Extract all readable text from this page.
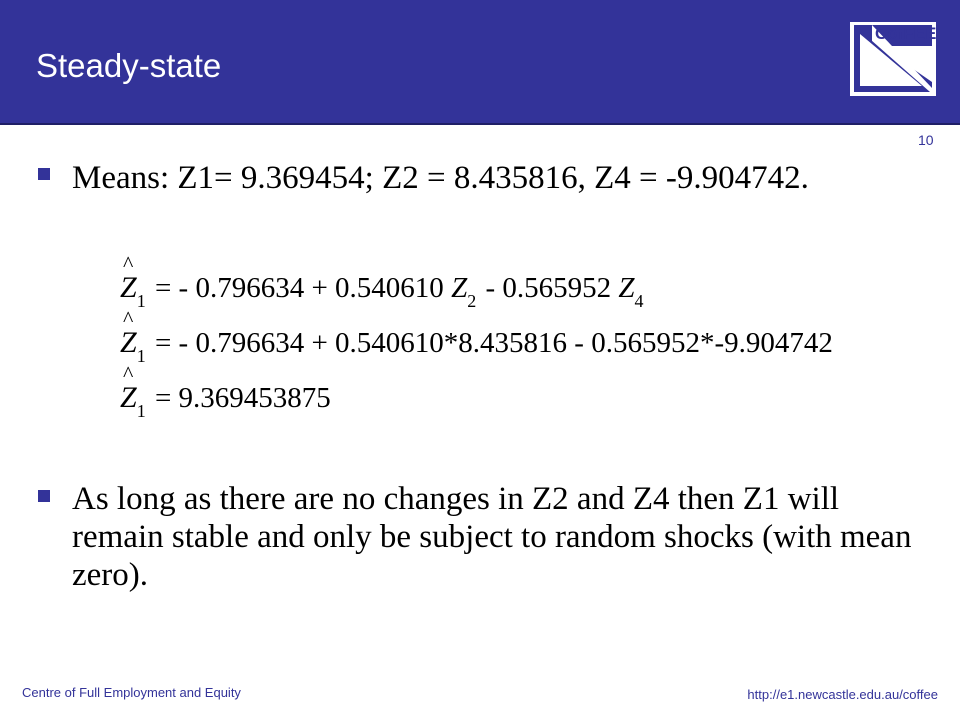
Steady-state
CofFEE
10
Means: Z1= 9.369454; Z2 = 8.435816, Z4 = -9.904742.
^
$Z_1$ = - 0.796634 + 0.540610 $Z_2 - 0.565952$ $Z_4$
^
$Z_1$ = - 0.796634 + 0.540610*8.435816 - 0.565952*-9.904742
^
$Z_1 = 9.369453875$
As long as there are no changes in Z2 and Z4 then Z1 will remain stable and only be subject to random shocks (with mean zero).
Centre of Full Employment and Equity	http://e1.newcastle.edu.au/coffee
